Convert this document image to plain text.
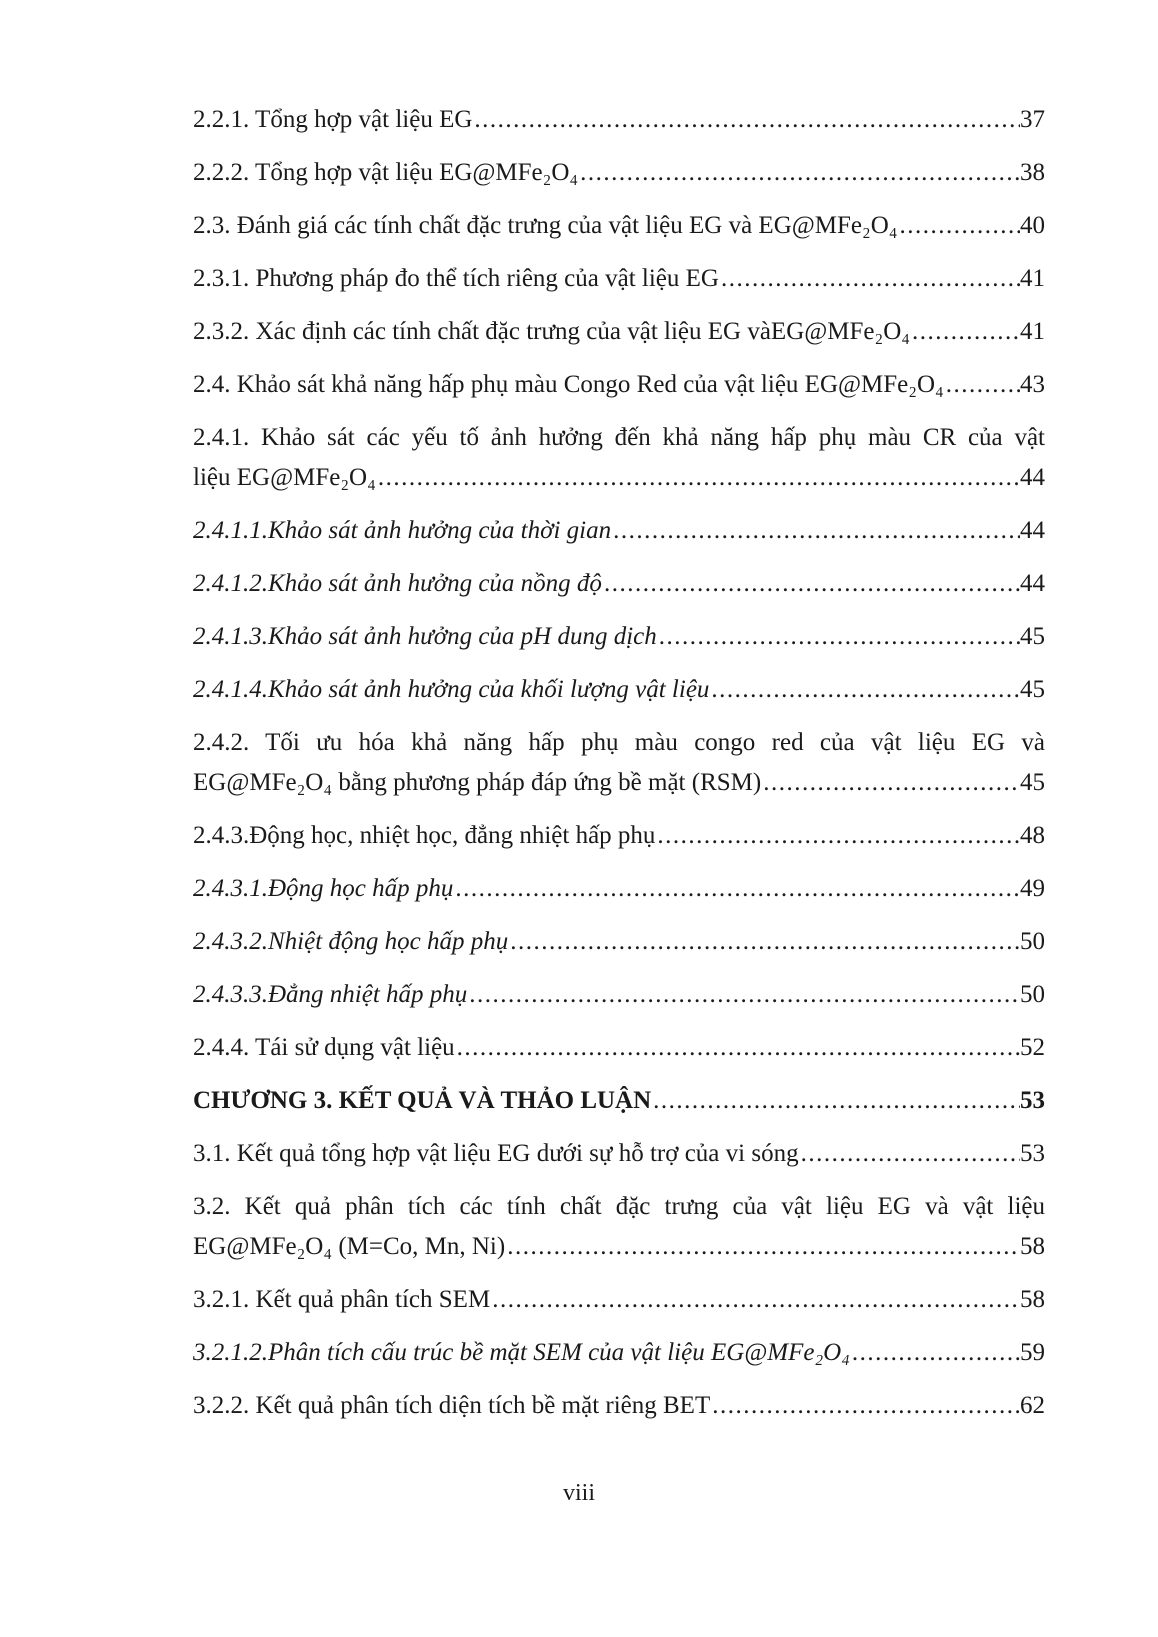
2.2.1. Tổng hợp vật liệu EG .....	37
2.2.2. Tổng hợp vật liệu EG@MFe₂O₄ .....	38
2.3. Đánh giá các tính chất đặc trưng của vật liệu EG và EG@MFe₂O₄ .....	40
2.3.1. Phương pháp đo thể tích riêng của vật liệu EG .....	41
2.3.2. Xác định các tính chất đặc trưng của vật liệu EG vàEG@MFe₂O₄ .....	41
2.4. Khảo sát khả năng hấp phụ màu Congo Red của vật liệu EG@MFe₂O₄ .....	43
2.4.1. Khảo sát các yếu tố ảnh hưởng đến khả năng hấp phụ màu CR của vật
liệu EG@MFe₂O₄ .....	44
2.4.1.1.Khảo sát ảnh hưởng của thời gian .....	44
2.4.1.2.Khảo sát ảnh hưởng của nồng độ .....	44
2.4.1.3.Khảo sát ảnh hưởng của pH dung dịch .....	45
2.4.1.4.Khảo sát ảnh hưởng của khối lượng vật liệu .....	45
2.4.2. Tối ưu hóa khả năng hấp phụ màu congo red của vật liệu EG và
EG@MFe₂O₄ bằng phương pháp đáp ứng bề mặt (RSM) .....	45
2.4.3.Động học, nhiệt học, đẳng nhiệt hấp phụ .....	48
2.4.3.1.Động học hấp phụ .....	49
2.4.3.2.Nhiệt động học hấp phụ .....	50
2.4.3.3.Đẳng nhiệt hấp phụ .....	50
2.4.4. Tái sử dụng vật liệu .....	52
CHƯƠNG 3. KẾT QUẢ VÀ THẢO LUẬN .....	53
3.1. Kết quả tổng hợp vật liệu EG dưới sự hỗ trợ của vi sóng .....	53
3.2. Kết quả phân tích các tính chất đặc trưng của vật liệu EG và vật liệu
EG@MFe₂O₄ (M=Co, Mn, Ni) .....	58
3.2.1. Kết quả phân tích SEM .....	58
3.2.1.2.Phân tích cấu trúc bề mặt SEM của vật liệu EG@MFe₂O₄ .....	59
3.2.2. Kết quả phân tích diện tích bề mặt riêng BET .....	62
viii
